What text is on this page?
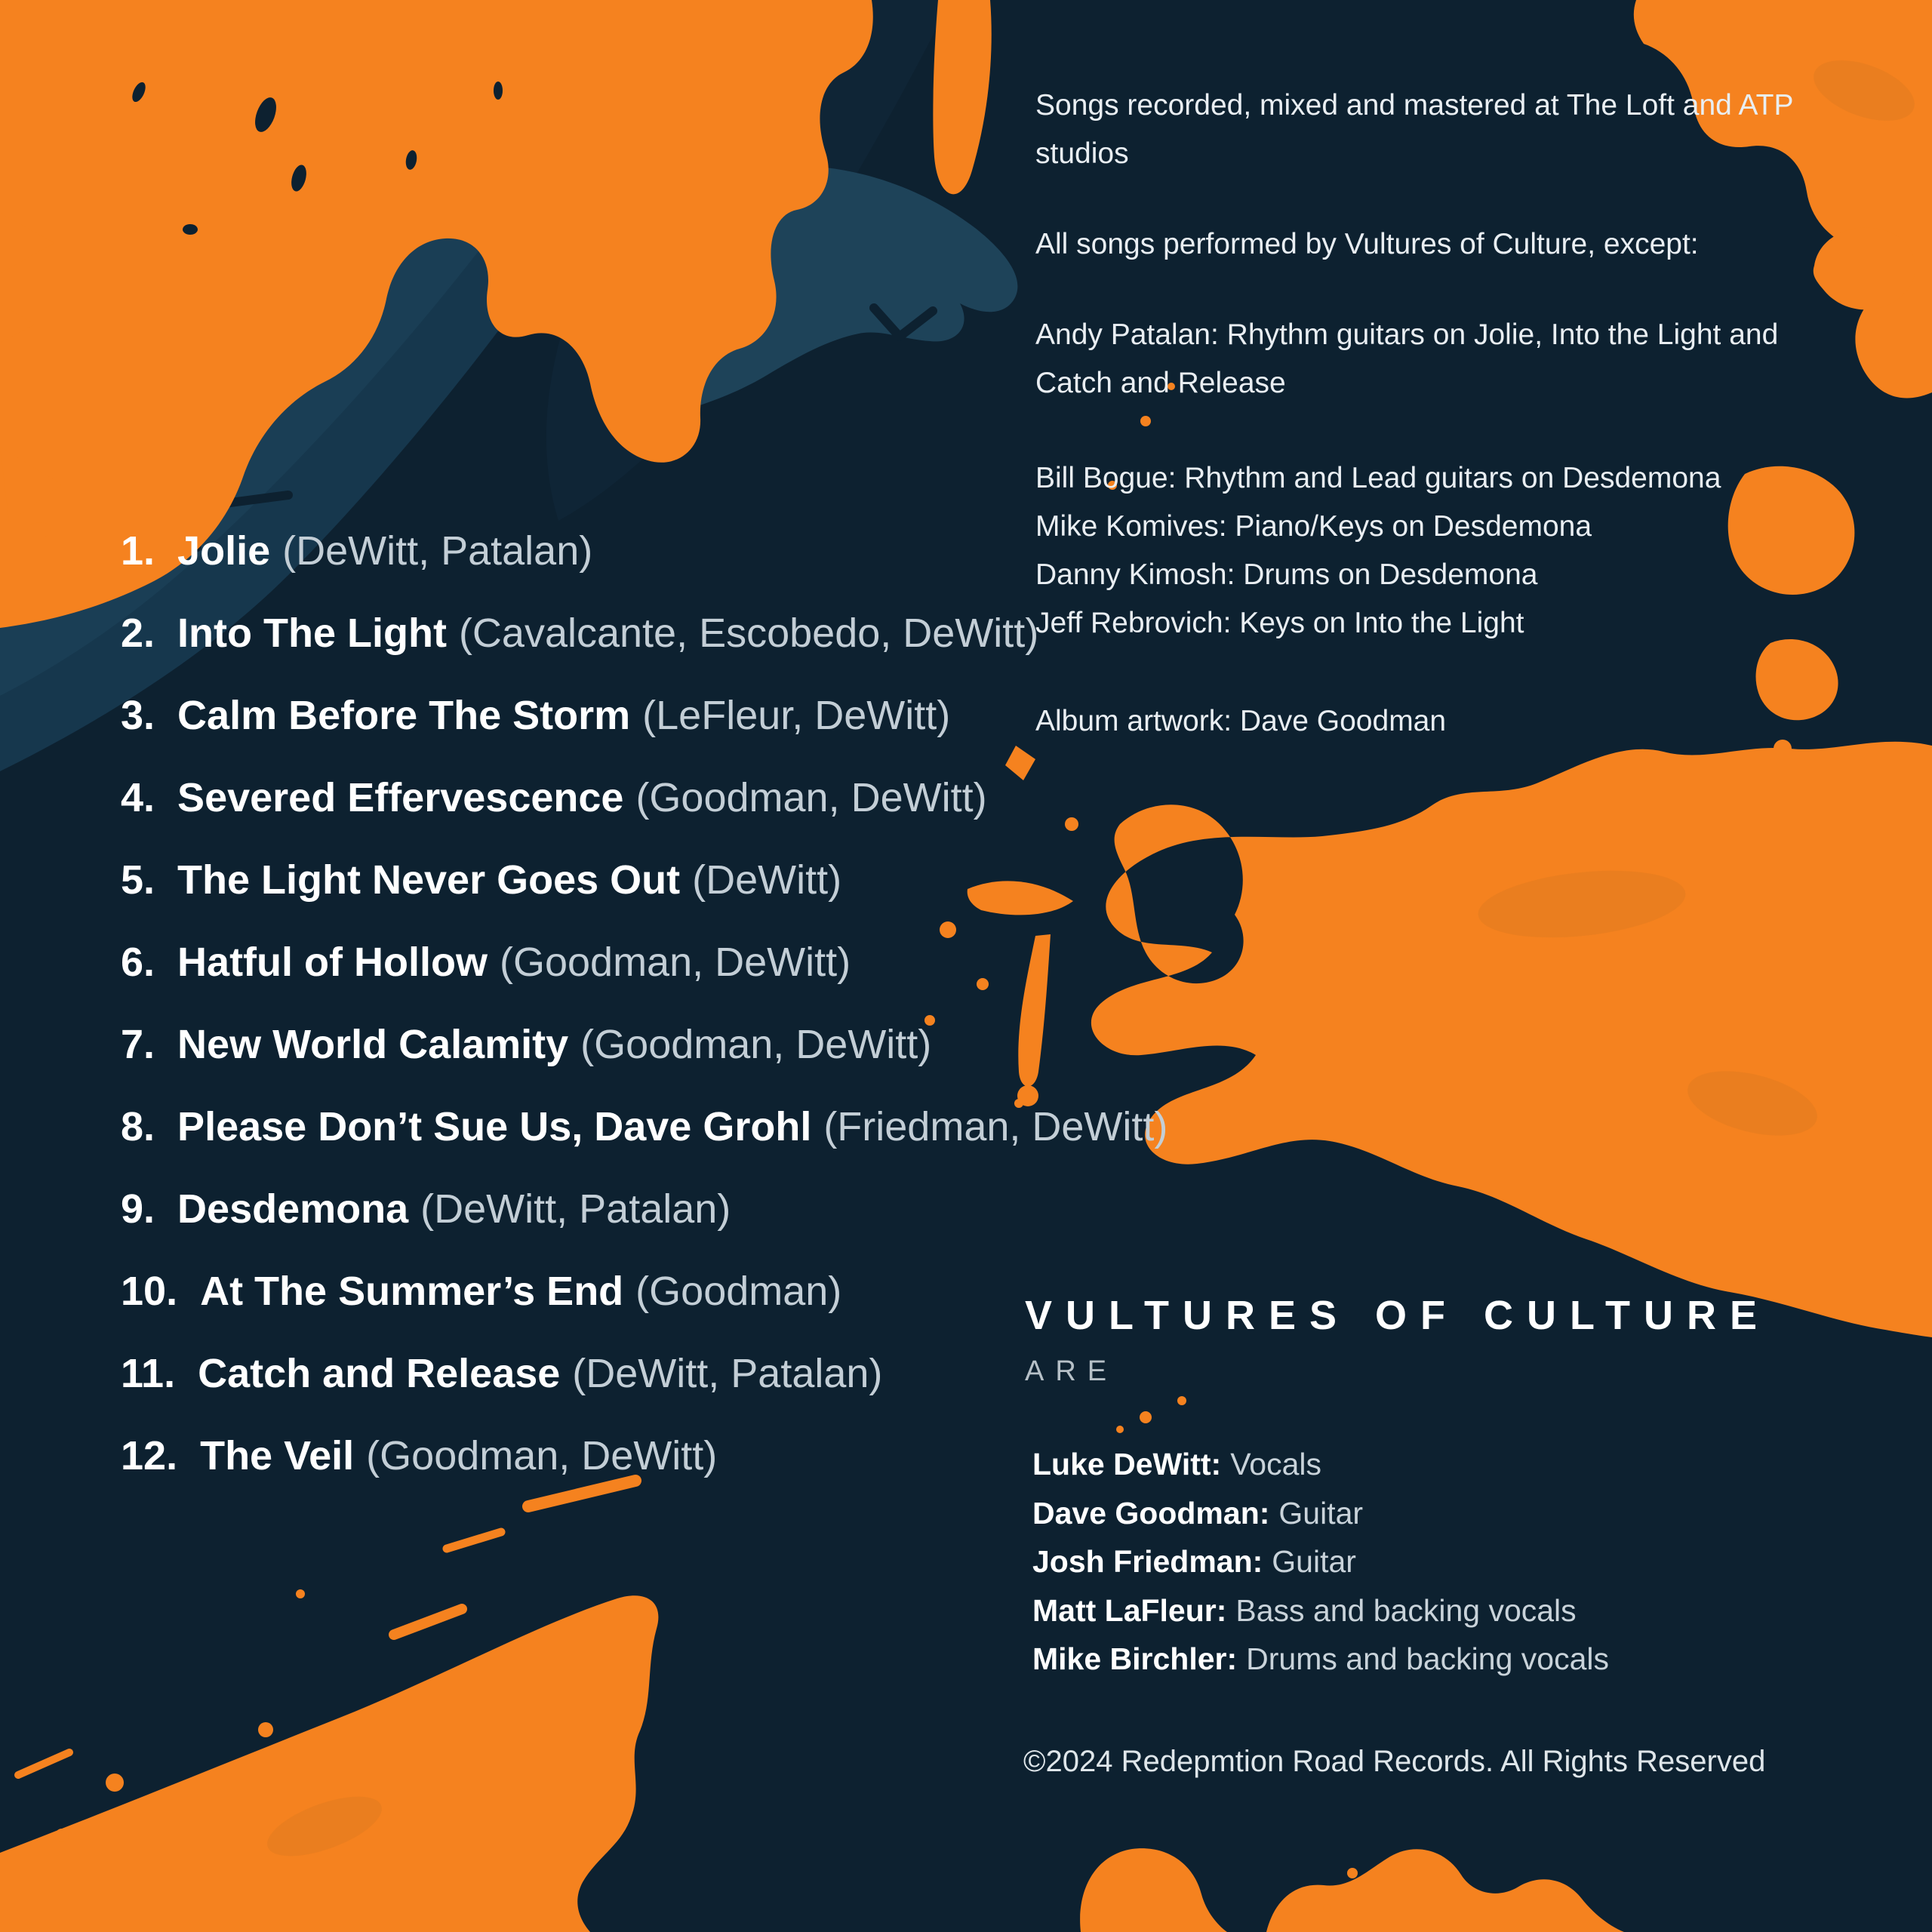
1. Jolie (DeWitt, Patalan)
2. Into The Light (Cavalcante, Escobedo, DeWitt)
3. Calm Before The Storm (LeFleur, DeWitt)
4. Severed Effervescence (Goodman, DeWitt)
5. The Light Never Goes Out (DeWitt)
6. Hatful of Hollow (Goodman, DeWitt)
7. New World Calamity (Goodman, DeWitt)
8. Please Don’t Sue Us, Dave Grohl (Friedman, DeWitt)
9. Desdemona (DeWitt, Patalan)
10. At The Summer’s End (Goodman)
11. Catch and Release (DeWitt, Patalan)
12. The Veil (Goodman, DeWitt)
Songs recorded, mixed and mastered at The Loft and ATP studios
All songs performed by Vultures of Culture, except:
Andy Patalan: Rhythm guitars on Jolie, Into the Light and Catch and Release
Bill Bogue: Rhythm and Lead guitars on Desdemona
Mike Komives: Piano/Keys on Desdemona
Danny Kimosh: Drums on Desdemona
Jeff Rebrovich: Keys on Into the Light
Album artwork: Dave Goodman
VULTURES OF CULTURE
ARE
Luke DeWitt: Vocals
Dave Goodman: Guitar
Josh Friedman: Guitar
Matt LaFleur: Bass and backing vocals
Mike Birchler: Drums and backing vocals
©2024 Redepmtion Road Records. All Rights Reserved
